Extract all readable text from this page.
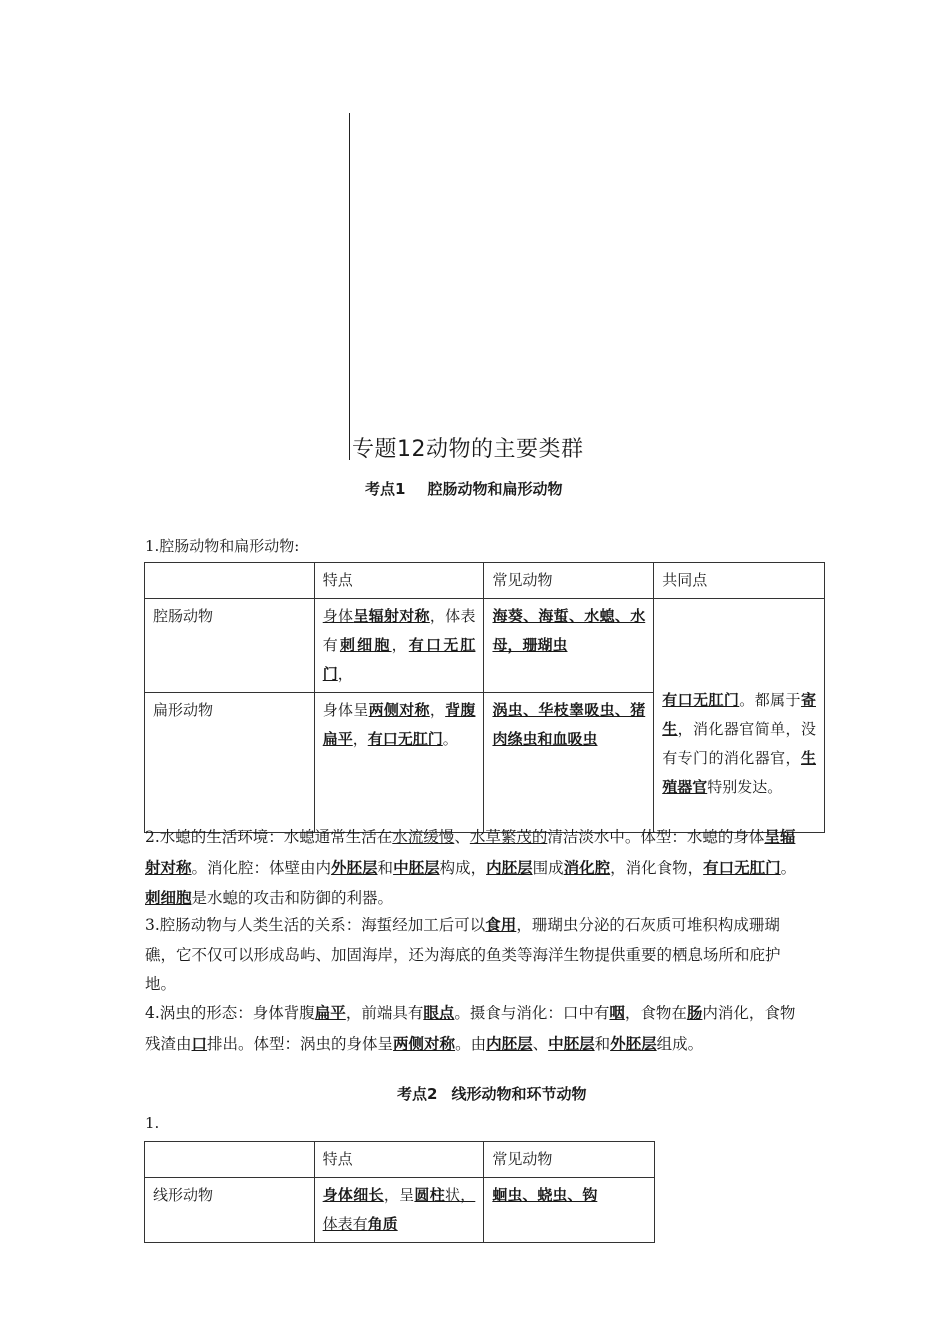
专题12动物的主要类群
考点1 腔肠动物和扁形动物
1.腔肠动物和扁形动物:
	特点	常见动物	共同点
腔肠动物	身体呈辐射对称，体表有刺细胞，有口无肛门，	海葵、海蜇、水螅、水母，珊瑚虫	有口无肛门。都属于寄生，消化器官简单，没有专门的消化器官，生殖器官特别发达。
扁形动物	身体呈两侧对称，背腹扁平，有口无肛门。	涡虫、华枝睾吸虫、猪肉绦虫和血吸虫	
2.水螅的生活环境：水螅通常生活在水流缓慢、水草繁茂的清洁淡水中。体型：水螅的身体呈辐射对称。消化腔：体壁由内外胚层和中胚层构成，内胚层围成消化腔，消化食物，有口无肛门。刺细胞是水螅的攻击和防御的利器。
3.腔肠动物与人类生活的关系：海蜇经加工后可以食用，珊瑚虫分泌的石灰质可堆积构成珊瑚礁，它不仅可以形成岛屿、加固海岸，还为海底的鱼类等海洋生物提供重要的栖息场所和庇护地。
4.涡虫的形态：身体背腹扁平，前端具有眼点。摄食与消化：口中有咽，食物在肠内消化，食物残渣由口排出。体型：涡虫的身体呈两侧对称。由内胚层、中胚层和外胚层组成。
考点2 线形动物和环节动物
1.
	特点	常见动物
线形动物	身体细长，呈圆柱状，体表有角质	蛔虫、蛲虫、钩
